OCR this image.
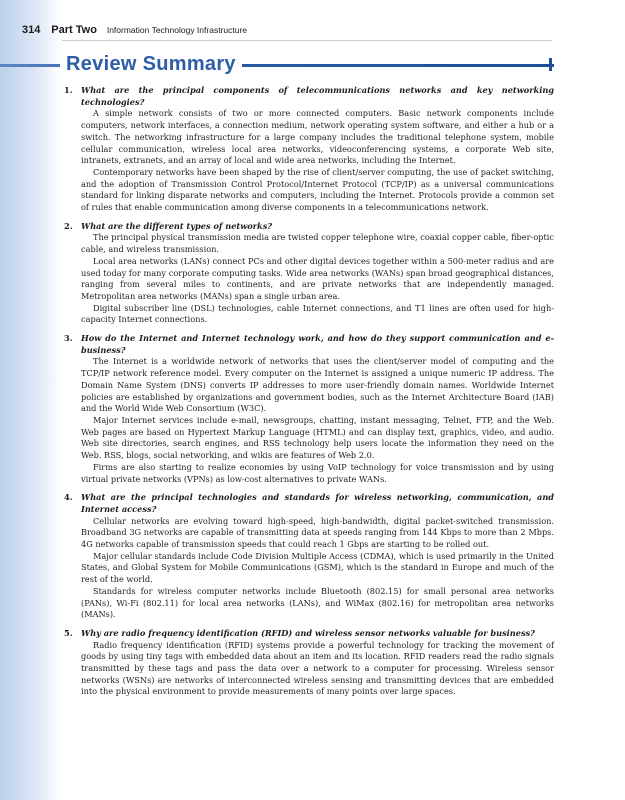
314 Part Two Information Technology Infrastructure
Review Summary
1. What are the principal components of telecommunications networks and key networking technologies?
A simple network consists of two or more connected computers. Basic network components include computers, network interfaces, a connection medium, network operating system software, and either a hub or a switch. The networking infrastructure for a large company includes the traditional telephone system, mobile cellular communication, wireless local area networks, videoconferencing systems, a corporate Web site, intranets, extranets, and an array of local and wide area networks, including the Internet.
Contemporary networks have been shaped by the rise of client/server computing, the use of packet switching, and the adoption of Transmission Control Protocol/Internet Protocol (TCP/IP) as a universal communications standard for linking disparate networks and computers, including the Internet. Protocols provide a common set of rules that enable communication among diverse components in a telecommunications network.
2. What are the different types of networks?
The principal physical transmission media are twisted copper telephone wire, coaxial copper cable, fiber-optic cable, and wireless transmission.
Local area networks (LANs) connect PCs and other digital devices together within a 500-meter radius and are used today for many corporate computing tasks. Wide area networks (WANs) span broad geographical distances, ranging from several miles to continents, and are private networks that are independently managed. Metropolitan area networks (MANs) span a single urban area.
Digital subscriber line (DSL) technologies, cable Internet connections, and T1 lines are often used for high-capacity Internet connections.
3. How do the Internet and Internet technology work, and how do they support communication and e-business?
The Internet is a worldwide network of networks that uses the client/server model of computing and the TCP/IP network reference model. Every computer on the Internet is assigned a unique numeric IP address. The Domain Name System (DNS) converts IP addresses to more user-friendly domain names. Worldwide Internet policies are established by organizations and government bodies, such as the Internet Architecture Board (IAB) and the World Wide Web Consortium (W3C).
Major Internet services include e-mail, newsgroups, chatting, instant messaging, Telnet, FTP, and the Web. Web pages are based on Hypertext Markup Language (HTML) and can display text, graphics, video, and audio. Web site directories, search engines, and RSS technology help users locate the information they need on the Web. RSS, blogs, social networking, and wikis are features of Web 2.0.
Firms are also starting to realize economies by using VoIP technology for voice transmission and by using virtual private networks (VPNs) as low-cost alternatives to private WANs.
4. What are the principal technologies and standards for wireless networking, communication, and Internet access?
Cellular networks are evolving toward high-speed, high-bandwidth, digital packet-switched transmission. Broadband 3G networks are capable of transmitting data at speeds ranging from 144 Kbps to more than 2 Mbps. 4G networks capable of transmission speeds that could reach 1 Gbps are starting to be rolled out.
Major cellular standards include Code Division Multiple Access (CDMA), which is used primarily in the United States, and Global System for Mobile Communications (GSM), which is the standard in Europe and much of the rest of the world.
Standards for wireless computer networks include Bluetooth (802.15) for small personal area networks (PANs), Wi-Fi (802.11) for local area networks (LANs), and WiMax (802.16) for metropolitan area networks (MANs).
5. Why are radio frequency identification (RFID) and wireless sensor networks valuable for business?
Radio frequency identification (RFID) systems provide a powerful technology for tracking the movement of goods by using tiny tags with embedded data about an item and its location. RFID readers read the radio signals transmitted by these tags and pass the data over a network to a computer for processing. Wireless sensor networks (WSNs) are networks of interconnected wireless sensing and transmitting devices that are embedded into the physical environment to provide measurements of many points over large spaces.
